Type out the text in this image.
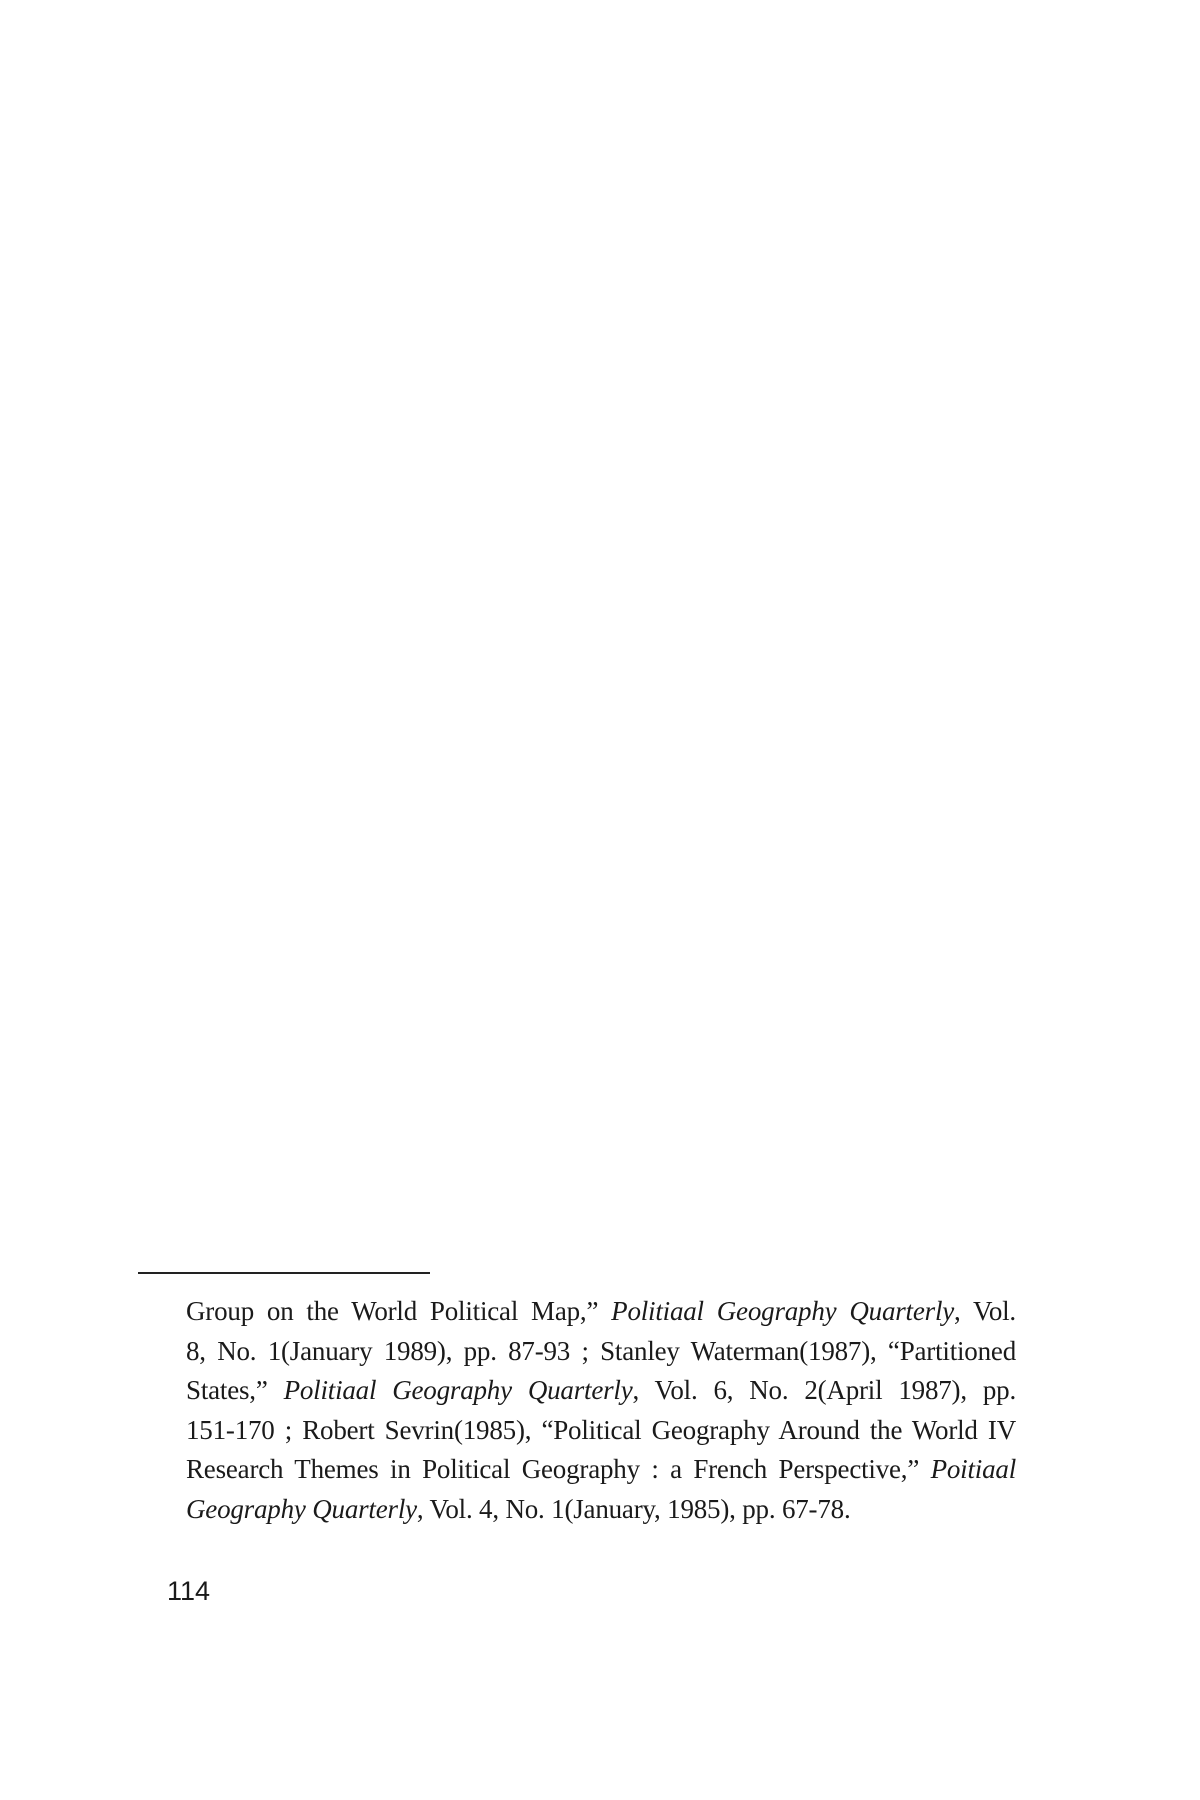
Group on the World Political Map,” Politiaal Geography Quarterly, Vol.
8, No. 1(January 1989), pp. 87-93 ; Stanley Waterman(1987), “Partitioned
States,” Politiaal Geography Quarterly, Vol. 6, No. 2(April 1987), pp.
151-170 ; Robert Sevrin(1985), “Political Geography Around the World IV
Research Themes in Political Geography : a French Perspective,” Poitiaal
Geography Quarterly, Vol. 4, No. 1(January, 1985), pp. 67-78.
114
